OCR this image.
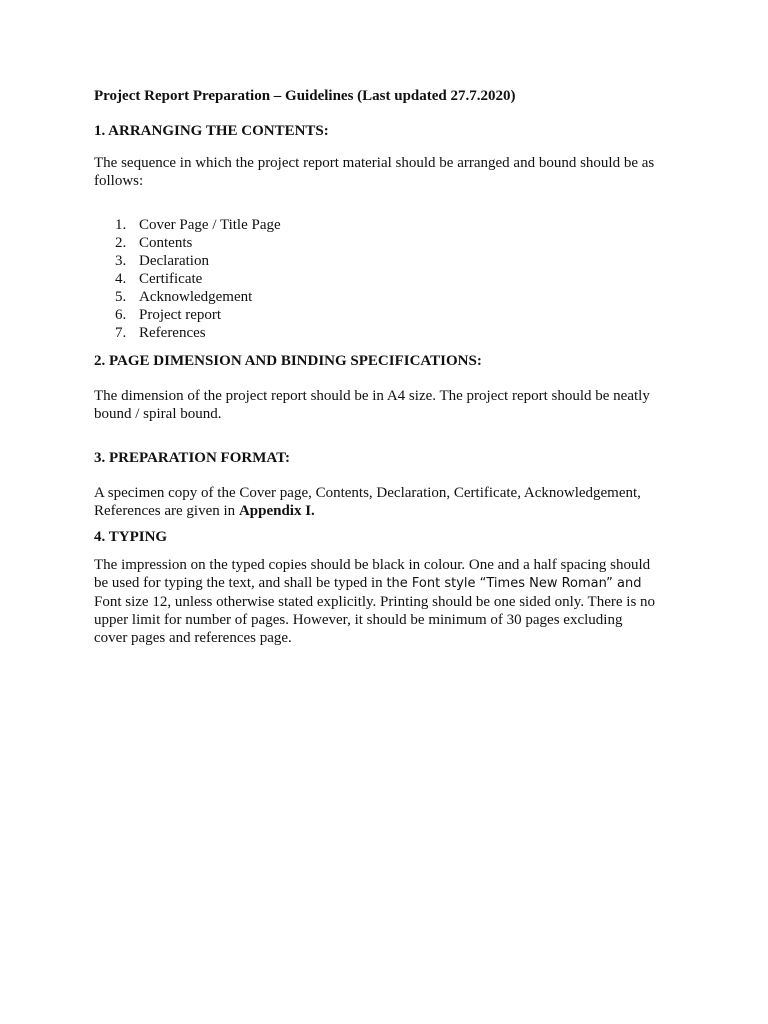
Project Report Preparation – Guidelines (Last updated 27.7.2020)
1. ARRANGING THE CONTENTS:
The sequence in which the project report material should be arranged and bound should be as
follows:
1. Cover Page / Title Page
2. Contents
3. Declaration
4. Certificate
5. Acknowledgement
6. Project report
7. References
2. PAGE DIMENSION AND BINDING SPECIFICATIONS:
The dimension of the project report should be in A4 size. The project report should be neatly
bound / spiral bound.
3. PREPARATION FORMAT:
A specimen copy of the Cover page, Contents, Declaration, Certificate, Acknowledgement,
References are given in Appendix I.
4. TYPING
The impression on the typed copies should be black in colour. One and a half spacing should
be used for typing the text, and shall be typed in the Font style “Times New Roman” and
Font size 12, unless otherwise stated explicitly. Printing should be one sided only. There is no
upper limit for number of pages. However, it should be minimum of 30 pages excluding
cover pages and references page.
